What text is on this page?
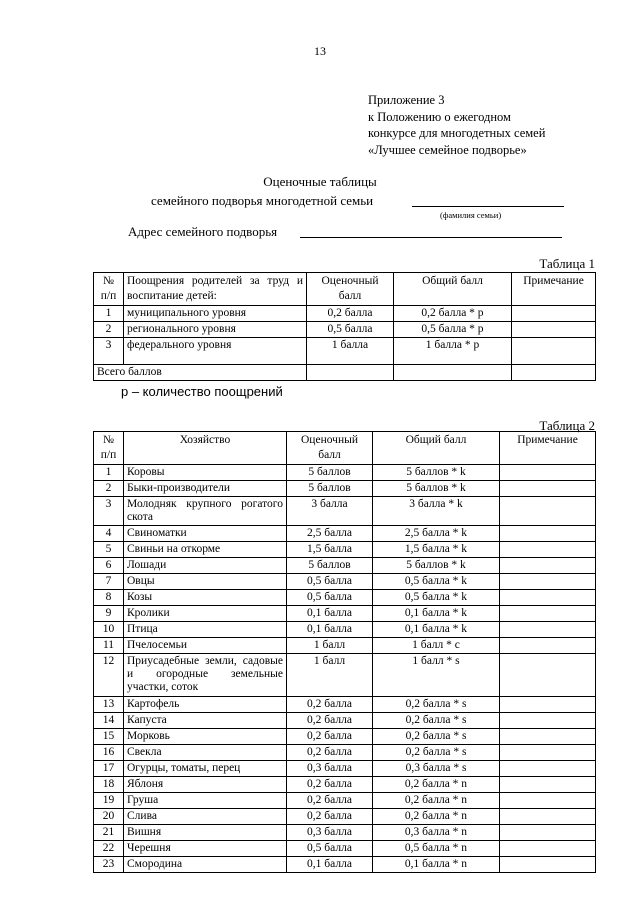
13
Приложение 3
к Положению о ежегодном
конкурсе для многодетных семей
«Лучшее семейное подворье»
Оценочные таблицы
семейного подворья многодетной семьи
(фамилия семьи)
Адрес семейного подворья
Таблица 1
№ п/п	Поощрения родителей за труд и воспитание детей:	Оценочный балл	Общий балл	Примечание
1	муниципального уровня	0,2 балла	0,2 балла * р	
2	регионального уровня	0,5 балла	0,5 балла * р	
3	федерального уровня	1 балла	1 балла * р	
Всего баллов				
р – количество поощрений
Таблица 2
№ п/п	Хозяйство	Оценочный балл	Общий балл	Примечание
1	Коровы	5 баллов	5 баллов * k	
2	Быки-производители	5 баллов	5 баллов * k	
3	Молодняк крупного рогатого скота	3 балла	3 балла * k	
4	Свиноматки	2,5 балла	2,5 балла * k	
5	Свиньи на откорме	1,5 балла	1,5 балла * k	
6	Лошади	5 баллов	5 баллов * k	
7	Овцы	0,5 балла	0,5 балла * k	
8	Козы	0,5 балла	0,5 балла * k	
9	Кролики	0,1 балла	0,1 балла * k	
10	Птица	0,1 балла	0,1 балла * k	
11	Пчелосемьи	1 балл	1 балл * с	
12	Приусадебные земли, садовые и огородные земельные участки, соток	1 балл	1 балл * s	
13	Картофель	0,2 балла	0,2 балла * s	
14	Капуста	0,2 балла	0,2 балла * s	
15	Морковь	0,2 балла	0,2 балла * s	
16	Свекла	0,2 балла	0,2 балла * s	
17	Огурцы, томаты, перец	0,3 балла	0,3 балла * s	
18	Яблоня	0,2 балла	0,2 балла * n	
19	Груша	0,2 балла	0,2 балла * n	
20	Слива	0,2 балла	0,2 балла * n	
21	Вишня	0,3 балла	0,3 балла * n	
22	Черешня	0,5 балла	0,5 балла * n	
23	Смородина	0,1 балла	0,1 балла * n	
